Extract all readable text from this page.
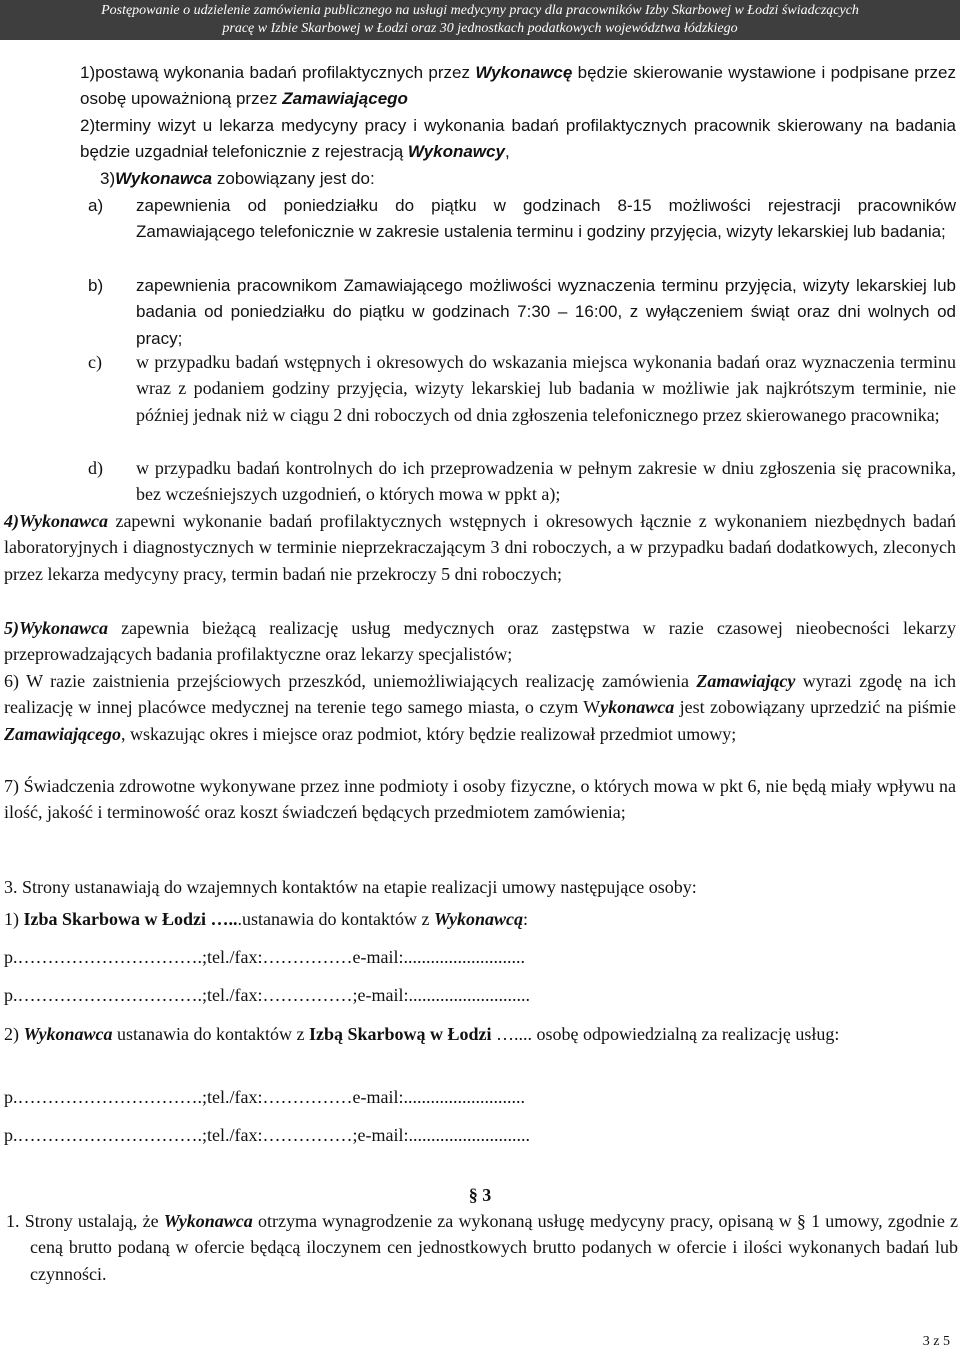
Postępowanie o udzielenie zamówienia publicznego na usługi medycyny pracy dla pracowników Izby Skarbowej w Łodzi świadczących
pracę w Izbie Skarbowej w Łodzi oraz 30 jednostkach podatkowych województwa łódzkiego
1)postawą wykonania badań profilaktycznych przez Wykonawcę będzie skierowanie wystawione i podpisane przez osobę upoważnioną przez Zamawiającego
2)terminy wizyt u lekarza medycyny pracy i wykonania badań profilaktycznych pracownik skierowany na badania będzie uzgadniał telefonicznie z rejestracją Wykonawcy,
3)Wykonawca zobowiązany jest do:
a) zapewnienia od poniedziałku do piątku w godzinach 8-15 możliwości rejestracji pracowników Zamawiającego telefonicznie w zakresie ustalenia terminu i godziny przyjęcia, wizyty lekarskiej lub badania;
b) zapewnienia pracownikom Zamawiającego możliwości wyznaczenia terminu przyjęcia, wizyty lekarskiej lub badania od poniedziałku do piątku w godzinach 7:30 – 16:00, z wyłączeniem świąt oraz dni wolnych od pracy;
c) w przypadku badań wstępnych i okresowych do wskazania miejsca wykonania badań oraz wyznaczenia terminu wraz z podaniem godziny przyjęcia, wizyty lekarskiej lub badania w możliwie jak najkrótszym terminie, nie później jednak niż w ciągu 2 dni roboczych od dnia zgłoszenia telefonicznego przez skierowanego pracownika;
d) w przypadku badań kontrolnych do ich przeprowadzenia w pełnym zakresie w dniu zgłoszenia się pracownika, bez wcześniejszych uzgodnień, o których mowa w ppkt a);
4)Wykonawca zapewni wykonanie badań profilaktycznych wstępnych i okresowych łącznie z wykonaniem niezbędnych badań laboratoryjnych i diagnostycznych w terminie nieprzekraczającym 3 dni roboczych, a w przypadku badań dodatkowych, zleconych przez lekarza medycyny pracy, termin badań nie przekroczy 5 dni roboczych;
5)Wykonawca zapewnia bieżącą realizację usług medycznych oraz zastępstwa w razie czasowej nieobecności lekarzy przeprowadzających badania profilaktyczne oraz lekarzy specjalistów;
6) W razie zaistnienia przejściowych przeszkód, uniemożliwiających realizację zamówienia Zamawiający wyrazi zgodę na ich realizację w innej placówce medycznej na terenie tego samego miasta, o czym Wykonawca jest zobowiązany uprzedzić na piśmie Zamawiającego, wskazując okres i miejsce oraz podmiot, który będzie realizował przedmiot umowy;
7) Świadczenia zdrowotne wykonywane przez inne podmioty i osoby fizyczne, o których mowa w pkt 6, nie będą miały wpływu na ilość, jakość i terminowość oraz koszt świadczeń będących przedmiotem zamówienia;
3. Strony ustanawiają do wzajemnych kontaktów na etapie realizacji umowy następujące osoby:
1) Izba Skarbowa w Łodzi …...ustanawia do kontaktów z Wykonawcą:
p.………………………….;tel./fax:……………e-mail:...........................
p.………………………….;tel./fax:……………;e-mail:...........................
2) Wykonawca ustanawia do kontaktów z Izbą Skarbową w Łodzi ….... osobę odpowiedzialną za realizację usług:
p.………………………….;tel./fax:……………e-mail:...........................
p.………………………….;tel./fax:……………;e-mail:...........................
§ 3
1. Strony ustalają, że Wykonawca otrzyma wynagrodzenie za wykonaną usługę medycyny pracy, opisaną w § 1 umowy, zgodnie z ceną brutto podaną w ofercie będącą iloczynem cen jednostkowych brutto podanych w ofercie i ilości wykonanych badań lub czynności.
3 z 5
